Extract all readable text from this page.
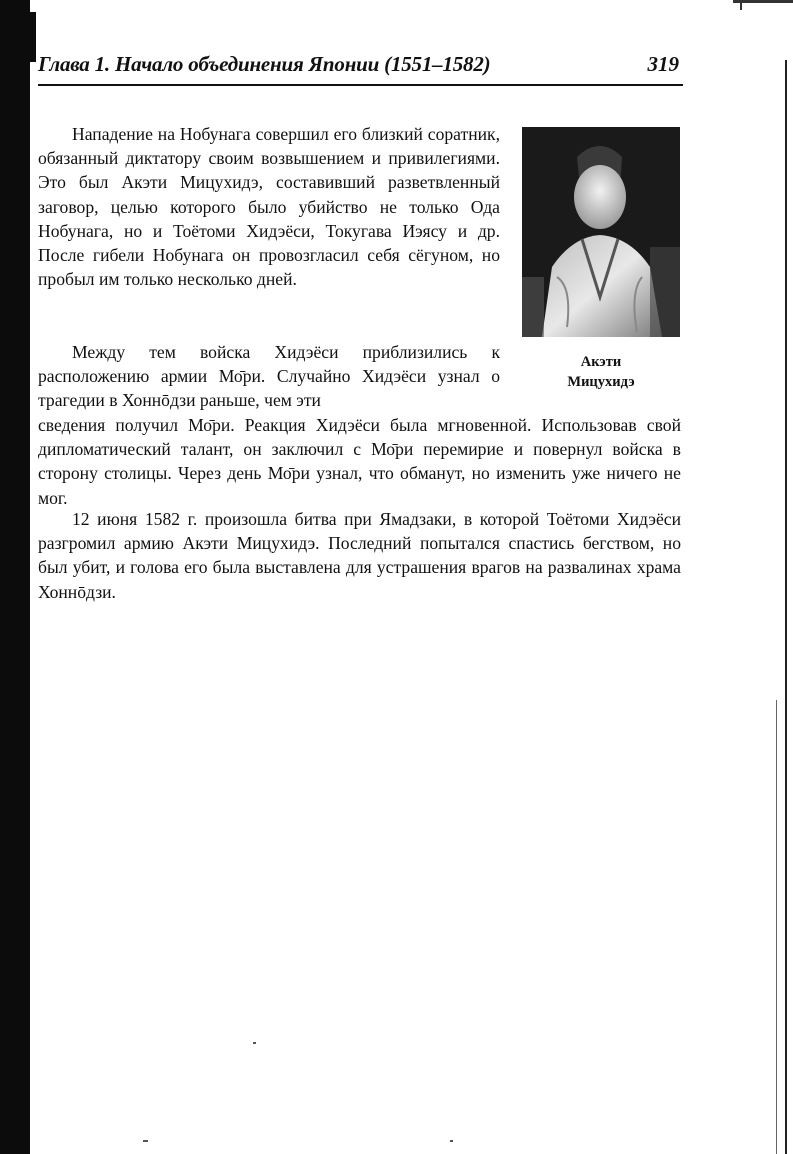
Глава 1. Начало объединения Японии (1551–1582)	319

Нападение на Нобунага совершил его близкий соратник, обязанный диктатору своим возвышением и привилегиями. Это был Акэти Мицухидэ, составивший разветвленный заговор, целью которого было убийство не только Ода Нобунага, но и Тоётоми Хидэёси, Токугава Иэясу и др. После гибели Нобунага он провозгласил себя сёгуном, но пробыл им только несколько дней.

Между тем войска Хидэёси приблизились к расположению армии Мо̄ри. Случайно Хидэёси узнал о трагедии в Хоннōдзи раньше, чем эти

сведения получил Мо̄ри. Реакция Хидэёси была мгновенной. Использовав свой дипломатический талант, он заключил с Мо̄ри перемирие и повернул войска в сторону столицы. Через день Мо̄ри узнал, что обманут, но изменить уже ничего не мог.

12 июня 1582 г. произошла битва при Ямадзаки, в которой Тоётоми Хидэёси разгромил армию Акэти Мицухидэ. Последний попытался спастись бегством, но был убит, и голова его была выставлена для устрашения врагов на развалинах храма Хоннōдзи.

Акэти
Мицухидэ
